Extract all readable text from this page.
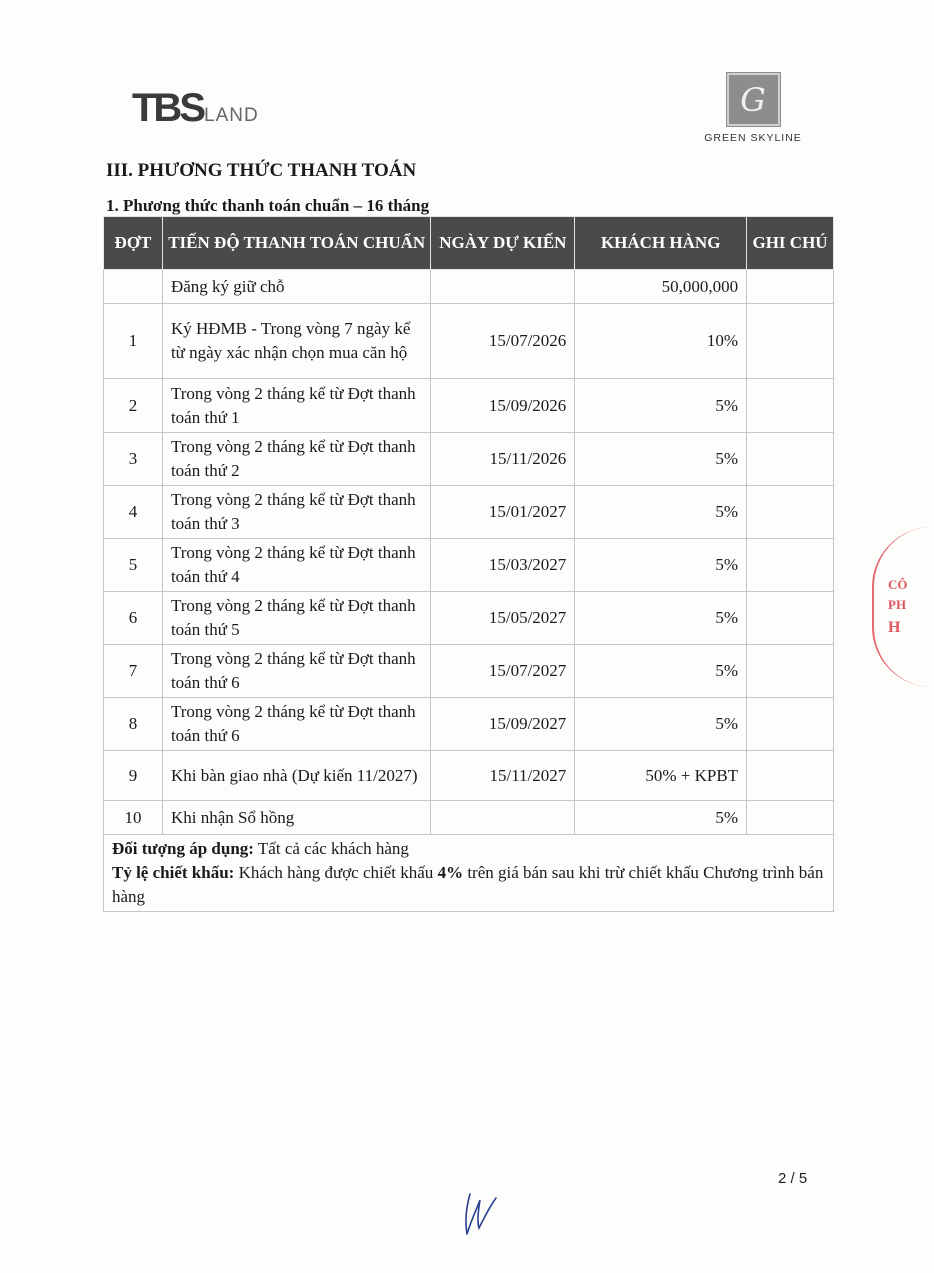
TBS LAND	G
GREEN SKYLINE
III. PHƯƠNG THỨC THANH TOÁN
1. Phương thức thanh toán chuẩn – 16 tháng
ĐỢT	TIẾN ĐỘ THANH TOÁN CHUẨN	NGÀY DỰ KIẾN	KHÁCH HÀNG	GHI CHÚ
	Đăng ký giữ chỗ		50,000,000	
1	Ký HĐMB - Trong vòng 7 ngày kể từ ngày xác nhận chọn mua căn hộ	15/07/2026	10%	
2	Trong vòng 2 tháng kể từ Đợt thanh toán thứ 1	15/09/2026	5%	
3	Trong vòng 2 tháng kể từ Đợt thanh toán thứ 2	15/11/2026	5%	
4	Trong vòng 2 tháng kể từ Đợt thanh toán thứ 3	15/01/2027	5%	
5	Trong vòng 2 tháng kể từ Đợt thanh toán thứ 4	15/03/2027	5%	
6	Trong vòng 2 tháng kể từ Đợt thanh toán thứ 5	15/05/2027	5%	
7	Trong vòng 2 tháng kể từ Đợt thanh toán thứ 6	15/07/2027	5%	
8	Trong vòng 2 tháng kể từ Đợt thanh toán thứ 6	15/09/2027	5%	
9	Khi bàn giao nhà (Dự kiến 11/2027)	15/11/2027	50% + KPBT	
10	Khi nhận Sổ hồng		5%	

Đối tượng áp dụng: Tất cả các khách hàng
Tỷ lệ chiết khấu: Khách hàng được chiết khấu 4% trên giá bán sau khi trừ chiết khấu Chương trình bán hàng				
CÔ
PH
H
2 / 5
